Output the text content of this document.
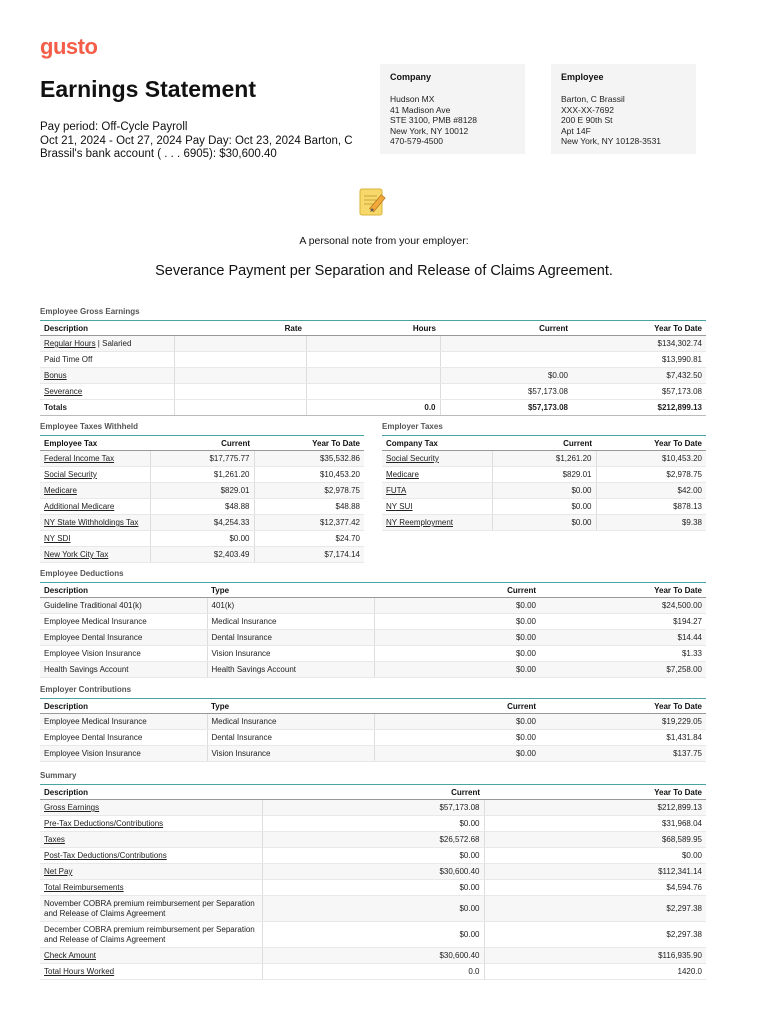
gusto
Earnings Statement
Pay period: Off-Cycle Payroll
Oct 21, 2024 - Oct 27, 2024 Pay Day: Oct 23, 2024 Barton, C Brassil's bank account ( . . . 6905): $30,600.40
Company
Hudson MX
41 Madison Ave
STE 3100, PMB #8128
New York, NY 10012
470-579-4500
Employee
Barton, C Brassil
XXX-XX-7692
200 E 90th St
Apt 14F
New York, NY 10128-3531
A personal note from your employer:
Severance Payment per Separation and Release of Claims Agreement.
Employee Gross Earnings
Description	Rate	Hours	Current	Year To Date
Regular Hours | Salaried				$134,302.74
Paid Time Off				$13,990.81
Bonus			$0.00	$7,432.50
Severance			$57,173.08	$57,173.08
Totals		0.0	$57,173.08	$212,899.13
Employee Taxes Withheld
Employee Tax	Current	Year To Date
Federal Income Tax	$17,775.77	$35,532.86
Social Security	$1,261.20	$10,453.20
Medicare	$829.01	$2,978.75
Additional Medicare	$48.88	$48.88
NY State Withholdings Tax	$4,254.33	$12,377.42
NY SDI	$0.00	$24.70
New York City Tax	$2,403.49	$7,174.14
Employer Taxes
Company Tax	Current	Year To Date
Social Security	$1,261.20	$10,453.20
Medicare	$829.01	$2,978.75
FUTA	$0.00	$42.00
NY SUI	$0.00	$878.13
NY Reemployment	$0.00	$9.38
Employee Deductions
Description	Type	Current	Year To Date
Guideline Traditional 401(k)	401(k)	$0.00	$24,500.00
Employee Medical Insurance	Medical Insurance	$0.00	$194.27
Employee Dental Insurance	Dental Insurance	$0.00	$14.44
Employee Vision Insurance	Vision Insurance	$0.00	$1.33
Health Savings Account	Health Savings Account	$0.00	$7,258.00
Employer Contributions
Description	Type	Current	Year To Date
Employee Medical Insurance	Medical Insurance	$0.00	$19,229.05
Employee Dental Insurance	Dental Insurance	$0.00	$1,431.84
Employee Vision Insurance	Vision Insurance	$0.00	$137.75
Summary
Description	Current	Year To Date
Gross Earnings	$57,173.08	$212,899.13
Pre-Tax Deductions/Contributions	$0.00	$31,968.04
Taxes	$26,572.68	$68,589.95
Post-Tax Deductions/Contributions	$0.00	$0.00
Net Pay	$30,600.40	$112,341.14
Total Reimbursements	$0.00	$4,594.76
November COBRA premium reimbursement per Separation and Release of Claims Agreement	$0.00	$2,297.38
December COBRA premium reimbursement per Separation and Release of Claims Agreement	$0.00	$2,297.38
Check Amount	$30,600.40	$116,935.90
Total Hours Worked	0.0	1420.0
